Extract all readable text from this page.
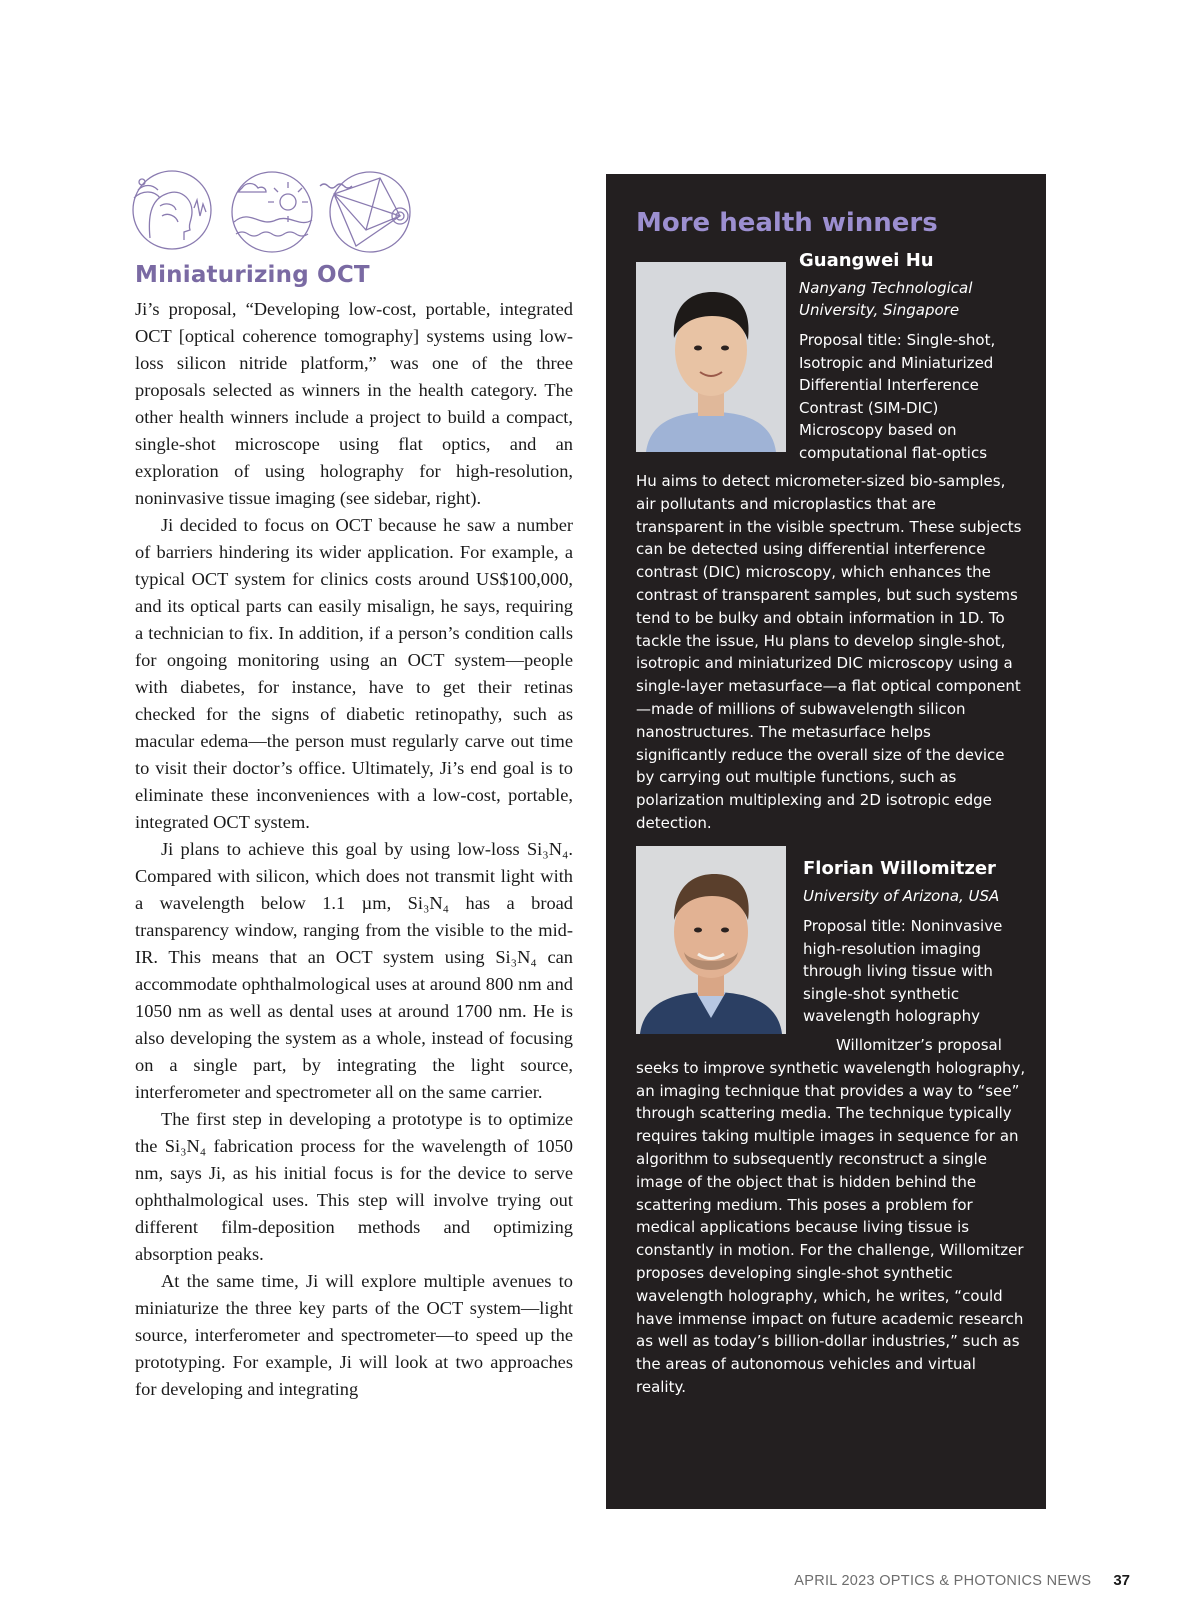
Miniaturizing OCT

Ji’s proposal, “Developing low-cost, portable, integrated OCT [optical coherence tomography] systems using low-loss silicon nitride platform,” was one of the three proposals selected as winners in the health category. The other health winners include a project to build a compact, single-shot microscope using flat optics, and an exploration of using holography for high-resolution, noninvasive tissue imaging (see sidebar, right).

Ji decided to focus on OCT because he saw a number of barriers hindering its wider application. For example, a typical OCT system for clinics costs around US$100,000, and its optical parts can easily misalign, he says, requiring a technician to fix. In addition, if a person’s condition calls for ongoing monitoring using an OCT system—people with diabetes, for instance, have to get their retinas checked for the signs of diabetic retinopathy, such as macular edema—the person must regularly carve out time to visit their doctor’s office. Ultimately, Ji’s end goal is to eliminate these inconveniences with a low-cost, portable, integrated OCT system.

Ji plans to achieve this goal by using low-loss Si₃N₄. Compared with silicon, which does not transmit light with a wavelength below 1.1 µm, Si₃N₄ has a broad transparency window, ranging from the visible to the mid-IR. This means that an OCT system using Si₃N₄ can accommodate ophthalmological uses at around 800 nm and 1050 nm as well as dental uses at around 1700 nm. He is also developing the system as a whole, instead of focusing on a single part, by integrating the light source, interferometer and spectrometer all on the same carrier.

The first step in developing a prototype is to optimize the Si₃N₄ fabrication process for the wavelength of 1050 nm, says Ji, as his initial focus is for the device to serve ophthalmological uses. This step will involve trying out different film-deposition methods and optimizing absorption peaks.

At the same time, Ji will explore multiple avenues to miniaturize the three key parts of the OCT system—light source, interferometer and spectrometer—to speed up the prototyping. For example, Ji will look at two approaches for developing and integrating

More health winners

Guangwei Hu

Nanyang Technological
University, Singapore

Proposal title: Single-shot, Isotropic and Miniaturized Differential Interference Contrast (SIM-DIC) Microscopy based on computational flat-optics

Hu aims to detect micrometer-sized bio-samples, air pollutants and microplastics that are transparent in the visible spectrum. These subjects can be detected using differential interference contrast (DIC) microscopy, which enhances the contrast of transparent samples, but such systems tend to be bulky and obtain information in 1D. To tackle the issue, Hu plans to develop single-shot, isotropic and miniaturized DIC microscopy using a single-layer metasurface—a flat optical component—made of millions of subwavelength silicon nanostructures. The metasurface helps significantly reduce the overall size of the device by carrying out multiple functions, such as polarization multiplexing and 2D isotropic edge detection.

Florian Willomitzer

University of Arizona, USA

Proposal title: Noninvasive high-resolution imaging through living tissue with single-shot synthetic wavelength holography

Willomitzer’s proposal
seeks to improve synthetic wavelength holography, an imaging technique that provides a way to “see” through scattering media. The technique typically requires taking multiple images in sequence for an algorithm to subsequently reconstruct a single image of the object that is hidden behind the scattering medium. This poses a problem for medical applications because living tissue is constantly in motion. For the challenge, Willomitzer proposes developing single-shot synthetic wavelength holography, which, he writes, “could have immense impact on future academic research as well as today’s billion-dollar industries,” such as the areas of autonomous vehicles and virtual reality.
APRIL 2023 OPTICS & PHOTONICS NEWS 37
